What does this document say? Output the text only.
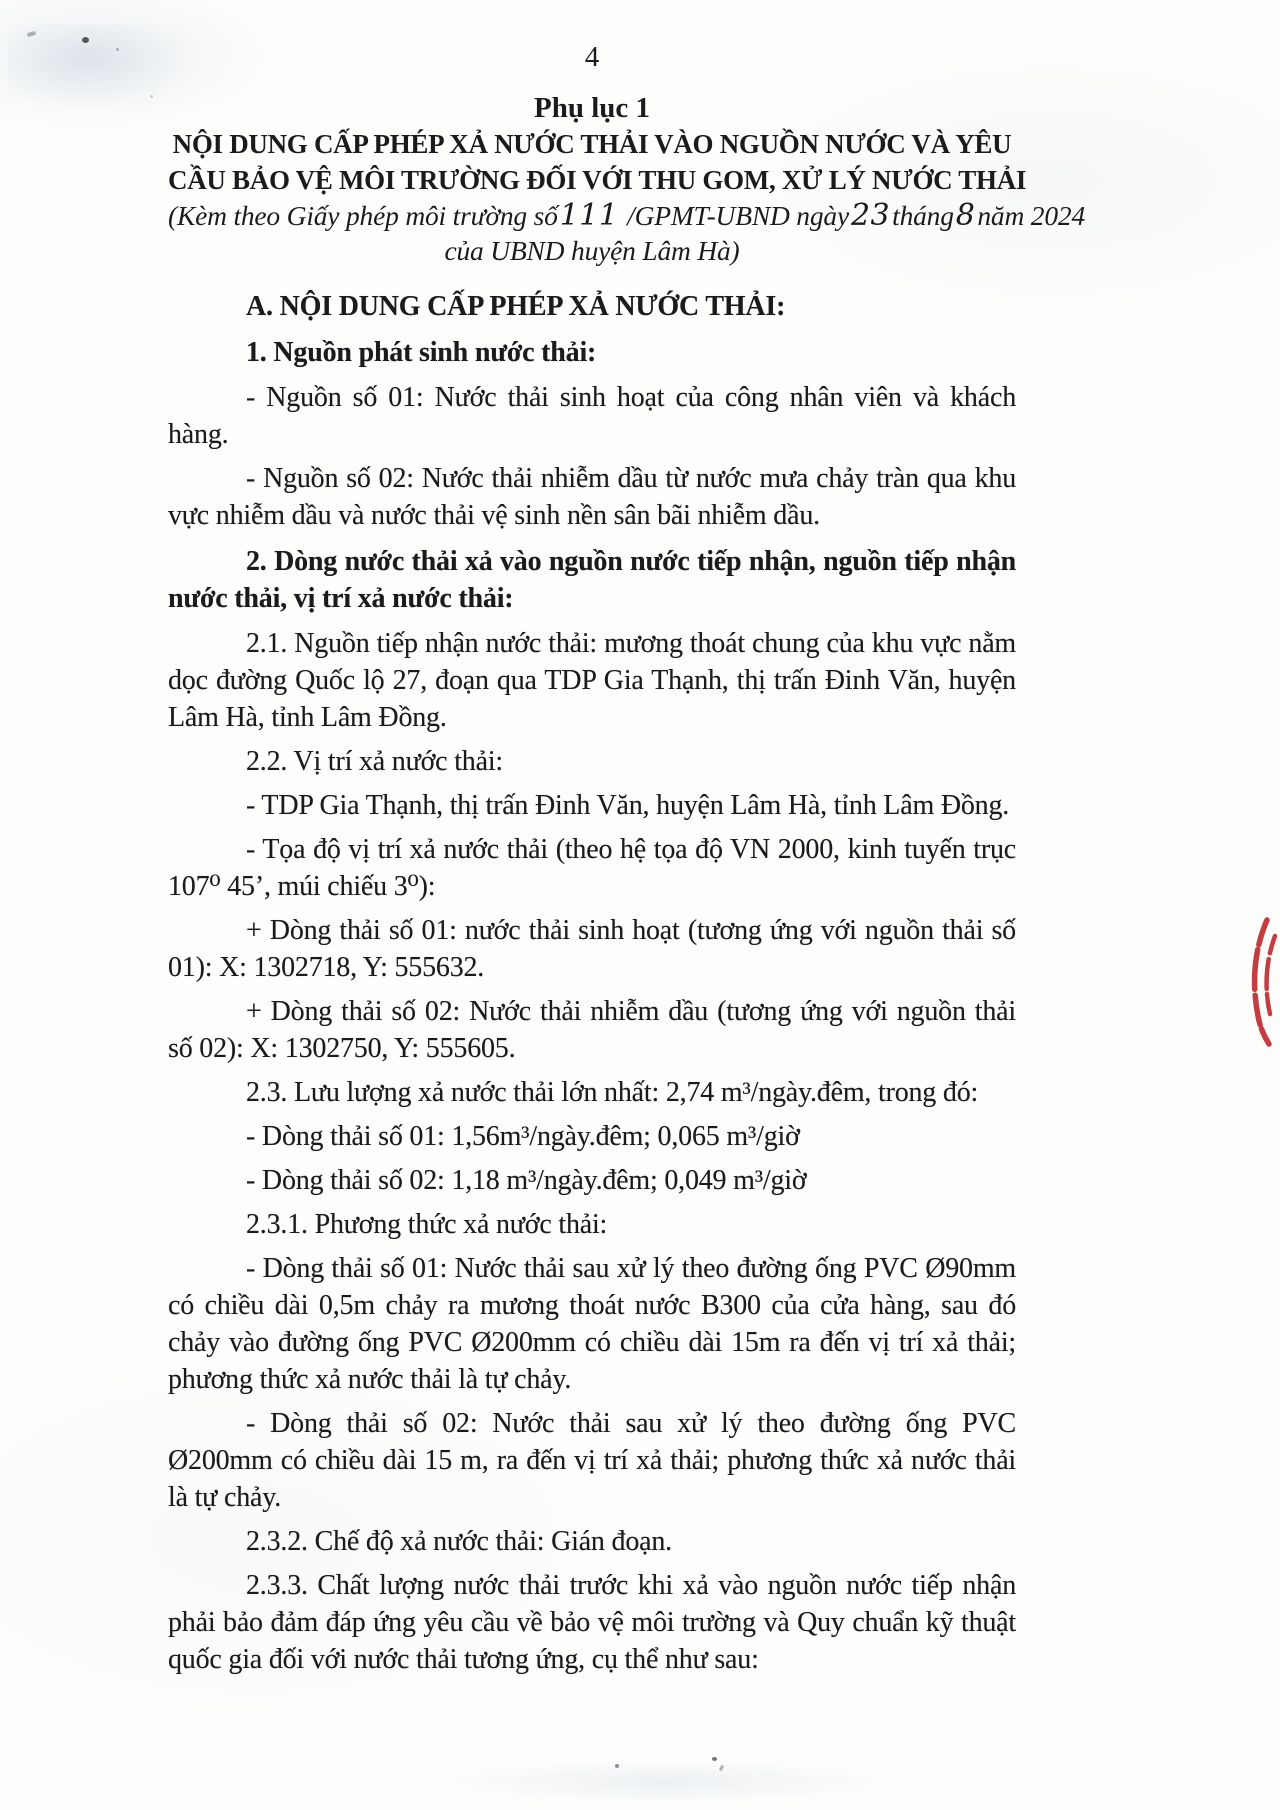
4
Phụ lục 1
NỘI DUNG CẤP PHÉP XẢ NƯỚC THẢI VÀO NGUỒN NƯỚC VÀ YÊU
CẦU BẢO VỆ MÔI TRƯỜNG ĐỐI VỚI THU GOM, XỬ LÝ NƯỚC THẢI
(Kèm theo Giấy phép môi trường số111 /GPMT-UBND ngày23tháng8năm 2024
của UBND huyện Lâm Hà)

A. NỘI DUNG CẤP PHÉP XẢ NƯỚC THẢI:

1. Nguồn phát sinh nước thải:

- Nguồn số 01: Nước thải sinh hoạt của công nhân viên và khách hàng.

- Nguồn số 02: Nước thải nhiễm dầu từ nước mưa chảy tràn qua khu vực nhiễm dầu và nước thải vệ sinh nền sân bãi nhiễm dầu.

2. Dòng nước thải xả vào nguồn nước tiếp nhận, nguồn tiếp nhận nước thải, vị trí xả nước thải:

2.1. Nguồn tiếp nhận nước thải: mương thoát chung của khu vực nằm dọc đường Quốc lộ 27, đoạn qua TDP Gia Thạnh, thị trấn Đinh Văn, huyện Lâm Hà, tỉnh Lâm Đồng.

2.2. Vị trí xả nước thải:

- TDP Gia Thạnh, thị trấn Đinh Văn, huyện Lâm Hà, tỉnh Lâm Đồng.

- Tọa độ vị trí xả nước thải (theo hệ tọa độ VN 2000, kinh tuyến trục 107⁰ 45’, múi chiếu 3⁰):

+ Dòng thải số 01: nước thải sinh hoạt (tương ứng với nguồn thải số 01): X: 1302718, Y: 555632.

+ Dòng thải số 02: Nước thải nhiễm dầu (tương ứng với nguồn thải số 02): X: 1302750, Y: 555605.

2.3. Lưu lượng xả nước thải lớn nhất: 2,74 m³/ngày.đêm, trong đó:

- Dòng thải số 01: 1,56m³/ngày.đêm; 0,065 m³/giờ

- Dòng thải số 02: 1,18 m³/ngày.đêm; 0,049 m³/giờ

2.3.1. Phương thức xả nước thải:

- Dòng thải số 01: Nước thải sau xử lý theo đường ống PVC Ø90mm có chiều dài 0,5m chảy ra mương thoát nước B300 của cửa hàng, sau đó chảy vào đường ống PVC Ø200mm có chiều dài 15m ra đến vị trí xả thải; phương thức xả nước thải là tự chảy.

- Dòng thải số 02: Nước thải sau xử lý theo đường ống PVC Ø200mm có chiều dài 15 m, ra đến vị trí xả thải; phương thức xả nước thải là tự chảy.

2.3.2. Chế độ xả nước thải: Gián đoạn.

2.3.3. Chất lượng nước thải trước khi xả vào nguồn nước tiếp nhận phải bảo đảm đáp ứng yêu cầu về bảo vệ môi trường và Quy chuẩn kỹ thuật quốc gia đối với nước thải tương ứng, cụ thể như sau:
